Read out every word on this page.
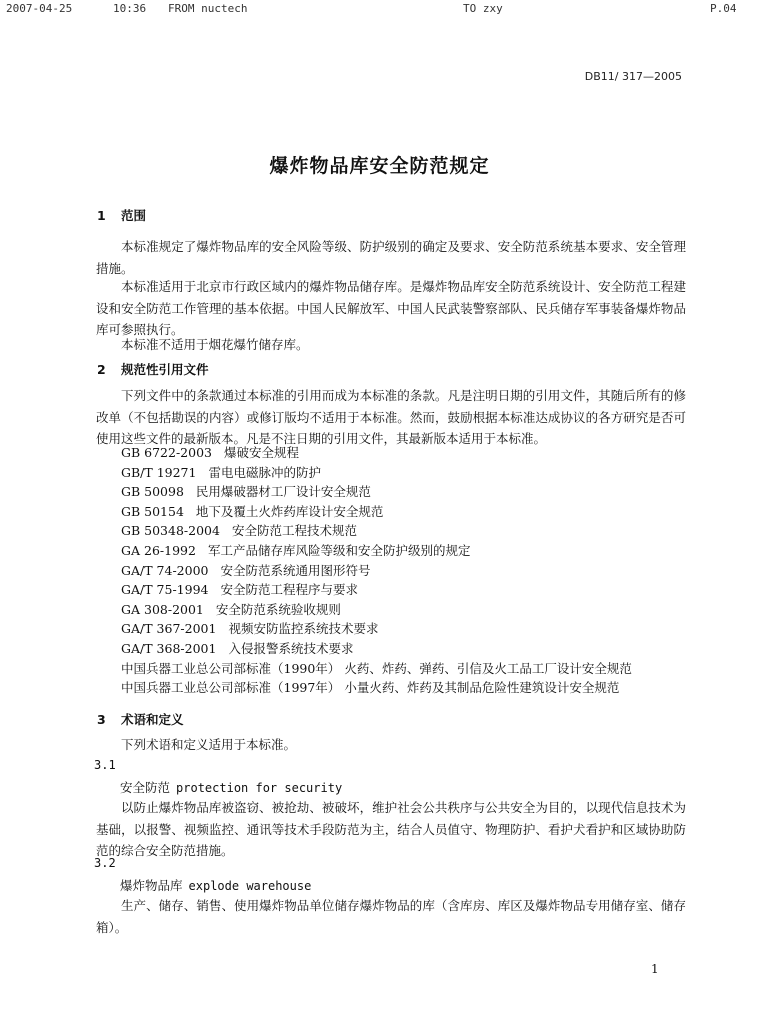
2007-04-25	10:36 FROM nuctech	TO zxy	P.04
DB11/ 317—2005
爆炸物品库安全防范规定
1 范围
本标准规定了爆炸物品库的安全风险等级、防护级别的确定及要求、安全防范系统基本要求、安全管理措施。
本标准适用于北京市行政区域内的爆炸物品储存库。是爆炸物品库安全防范系统设计、安全防范工程建设和安全防范工作管理的基本依据。中国人民解放军、中国人民武装警察部队、民兵储存军事装备爆炸物品库可参照执行。
本标准不适用于烟花爆竹储存库。
2 规范性引用文件
下列文件中的条款通过本标准的引用而成为本标准的条款。凡是注明日期的引用文件，其随后所有的修改单（不包括勘误的内容）或修订版均不适用于本标准。然而，鼓励根据本标准达成协议的各方研究是否可使用这些文件的最新版本。凡是不注日期的引用文件，其最新版本适用于本标准。
GB 6722-2003 爆破安全规程
GB/T 19271 雷电电磁脉冲的防护
GB 50098 民用爆破器材工厂设计安全规范
GB 50154 地下及覆土火炸药库设计安全规范
GB 50348-2004 安全防范工程技术规范
GA 26-1992 军工产品储存库风险等级和安全防护级别的规定
GA/T 74-2000 安全防范系统通用图形符号
GA/T 75-1994 安全防范工程程序与要求
GA 308-2001 安全防范系统验收规则
GA/T 367-2001 视频安防监控系统技术要求
GA/T 368-2001 入侵报警系统技术要求
中国兵器工业总公司部标准（1990年） 火药、炸药、弹药、引信及火工品工厂设计安全规范
中国兵器工业总公司部标准（1997年） 小量火药、炸药及其制品危险性建筑设计安全规范
3 术语和定义
下列术语和定义适用于本标准。
3.1
安全防范 protection for security
以防止爆炸物品库被盗窃、被抢劫、被破坏，维护社会公共秩序与公共安全为目的，以现代信息技术为基础，以报警、视频监控、通讯等技术手段防范为主，结合人员值守、物理防护、看护犬看护和区域协助防范的综合安全防范措施。
3.2
爆炸物品库 explode warehouse
生产、储存、销售、使用爆炸物品单位储存爆炸物品的库（含库房、库区及爆炸物品专用储存室、储存箱）。
1
